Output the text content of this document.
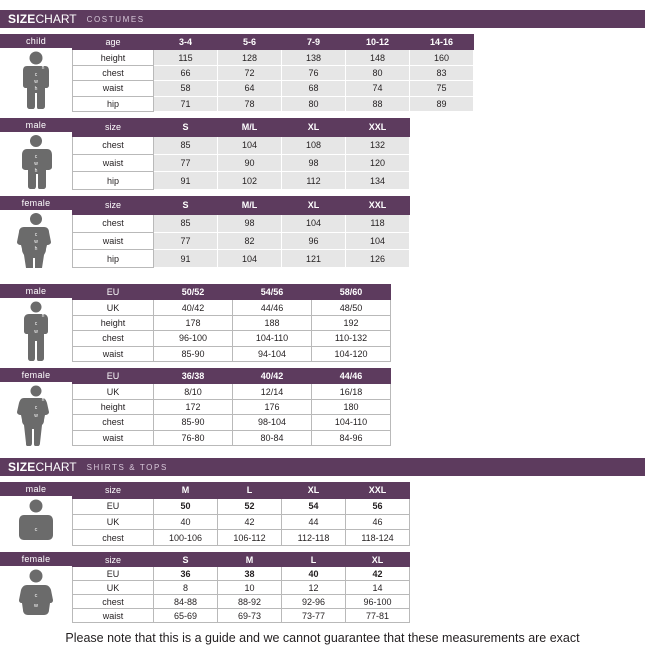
SIZE CHART COSTUMES
child
h
c
w
h
age	3-4	5-6	7-9	10-12	14-16
height	115	128	138	148	160
chest	66	72	76	80	83
waist	58	64	68	74	75
hip	71	78	80	88	89
male
c
w
h
size	S	M/L	XL	XXL	
chest	85	104	108	132	
waist	77	90	98	120	
hip	91	102	112	134	
female
c
w
h
size	S	M/L	XL	XXL	
chest	85	98	104	118	
waist	77	82	96	104	
hip	91	104	121	126	
male
h
c
w
EU	50/52	54/56	58/60	
UK	40/42	44/46	48/50	
height	178	188	192	
chest	96-100	104-110	110-132	
waist	85-90	94-104	104-120	
female
h
c
w
EU	36/38	40/42	44/46	
UK	8/10	12/14	16/18	
height	172	176	180	
chest	85-90	98-104	104-110	
waist	76-80	80-84	84-96	
SIZE CHART SHIRTS & TOPS
male
c
size	M	L	XL	XXL	
EU	50	52	54	56	
UK	40	42	44	46	
chest	100-106	106-112	112-118	118-124	
female
c
w
size	S	M	L	XL	
EU	36	38	40	42	
UK	8	10	12	14	
chest	84-88	88-92	92-96	96-100	
waist	65-69	69-73	73-77	77-81	
Please note that this is a guide and we cannot guarantee that these measurements are exact
